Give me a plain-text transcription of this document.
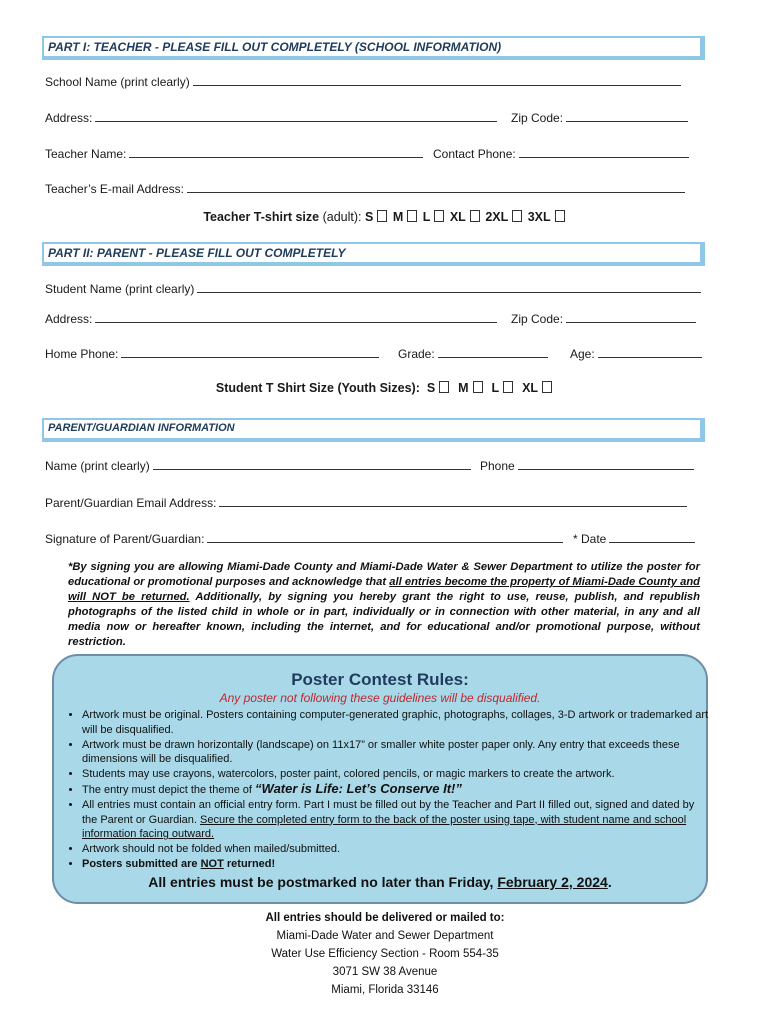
PART I: TEACHER - PLEASE FILL OUT COMPLETELY (SCHOOL INFORMATION)
School Name (print clearly)
Address:	Zip Code:
Teacher Name:	Contact Phone:
Teacher’s E-mail Address:
Teacher T-shirt size (adult): S M L XL 2XL 3XL
PART II: PARENT - PLEASE FILL OUT COMPLETELY
Student Name (print clearly)
Address:	Zip Code:
Home Phone:	Grade:	Age:
Student T Shirt Size (Youth Sizes): S M L XL
PARENT/GUARDIAN INFORMATION
Name (print clearly)	Phone
Parent/Guardian Email Address:
Signature of Parent/Guardian:	* Date
*By signing you are allowing Miami-Dade County and Miami-Dade Water & Sewer Department to utilize the poster for educational or promotional purposes and acknowledge that all entries become the property of Miami-Dade County and will NOT be returned. Additionally, by signing you hereby grant the right to use, reuse, publish, and republish photographs of the listed child in whole or in part, individually or in connection with other material, in any and all media now or hereafter known, including the internet, and for educational and/or promotional purpose, without restriction.
Poster Contest Rules:
Any poster not following these guidelines will be disqualified.
• Artwork must be original. Posters containing computer-generated graphic, photographs, collages, 3-D artwork or trademarked art will be disqualified.
• Artwork must be drawn horizontally (landscape) on 11x17” or smaller white poster paper only. Any entry that exceeds these dimensions will be disqualified.
• Students may use crayons, watercolors, poster paint, colored pencils, or magic markers to create the artwork.
• The entry must depict the theme of “Water is Life: Let’s Conserve It!”
• All entries must contain an official entry form. Part I must be filled out by the Teacher and Part II filled out, signed and dated by the Parent or Guardian. Secure the completed entry form to the back of the poster using tape, with student name and school information facing outward.
• Artwork should not be folded when mailed/submitted.
• Posters submitted are NOT returned!
All entries must be postmarked no later than Friday, February 2, 2024.
All entries should be delivered or mailed to:
Miami-Dade Water and Sewer Department
Water Use Efficiency Section - Room 554-35
3071 SW 38 Avenue
Miami, Florida 33146
